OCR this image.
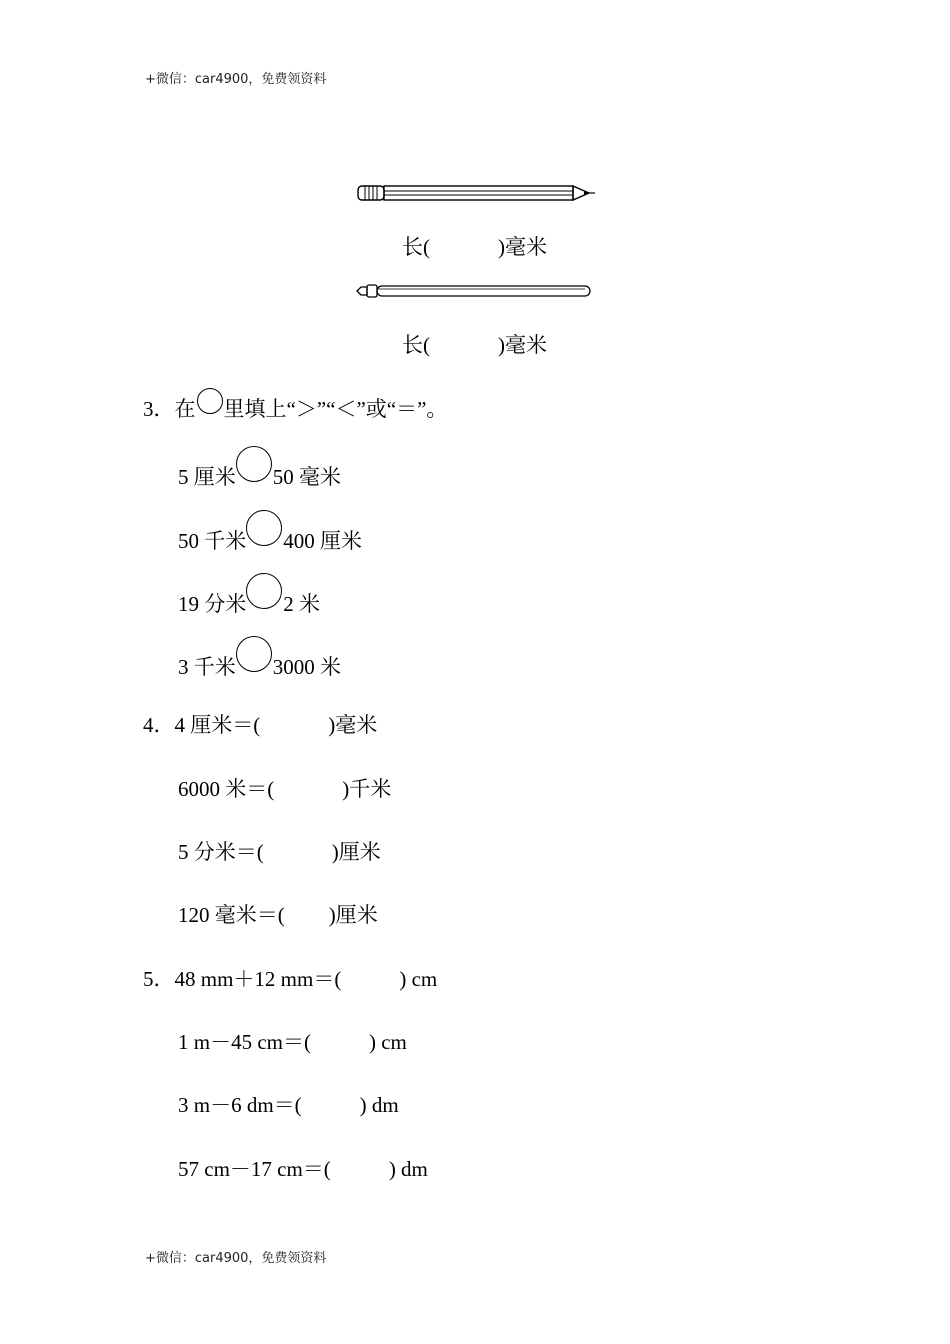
+微信：car4900，免费领资料
长(	)毫米
长(	)毫米
3．在 里填上“＞”“＜”或“＝”。
5 厘米 50 毫米
50 千米 400 厘米
19 分米 2 米
3 千米 3000 米
4．4 厘米＝(	)毫米
6000 米＝(	)千米
5 分米＝(	)厘米
120 毫米＝( )厘米
5．48 mm＋12 mm＝(	) cm
1 m－45 cm＝(	) cm
3 m－6 dm＝(	) dm
57 cm－17 cm＝(	) dm
+微信：car4900，免费领资料
